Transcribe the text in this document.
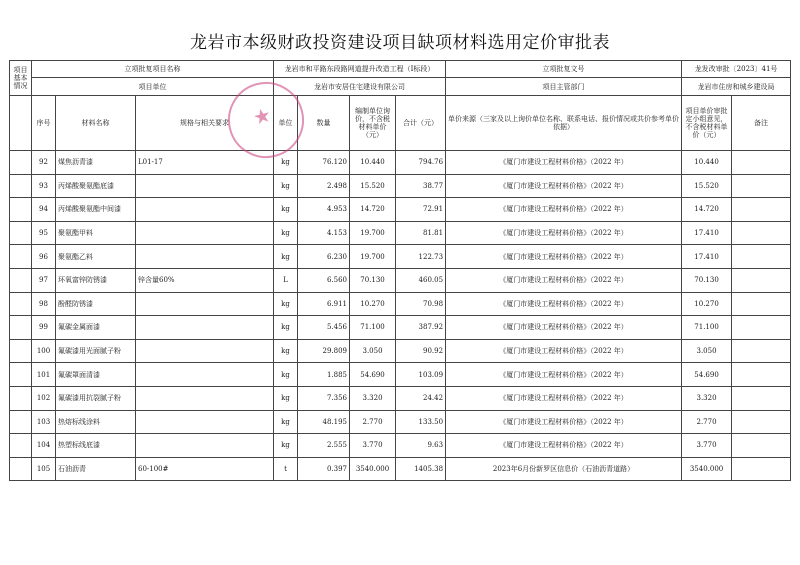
龙岩市本级财政投资建设项目缺项材料选用定价审批表
项目基本情况	立项批复项目名称			龙岩市和平路东段路网道提升改造工程（Ⅰ标段）				立项批复文号	龙发改审批〔2023〕41号	
	项目单位			龙岩市安居住宅建设有限公司				项目主管部门	龙岩市住房和城乡建设局	
	序号	材料名称	规格与相关要求	单位	数量	编制单位询价，不含税材料单价（元）	合计（元）	单价来源（三家及以上询价单位名称、联系电话、报价情况或共价参考单价依据）	项目单价审批定小组意见，不含税材料单价（元）	备注
	92	煤焦沥青漆	L01-17	kg	76.120	10.440	794.76	《厦门市建设工程材料价格》（2022 年）	10.440	
	93	丙烯酸聚氨酯底漆		kg	2.498	15.520	38.77	《厦门市建设工程材料价格》（2022 年）	15.520	
	94	丙烯酸聚氨酯中间漆		kg	4.953	14.720	72.91	《厦门市建设工程材料价格》（2022 年）	14.720	
	95	聚氨酯甲料		kg	4.153	19.700	81.81	《厦门市建设工程材料价格》（2022 年）	17.410	
	96	聚氨酯乙料		kg	6.230	19.700	122.73	《厦门市建设工程材料价格》（2022 年）	17.410	
	97	环氧富锌防锈漆	锌含量60%	L	6.560	70.130	460.05	《厦门市建设工程材料价格》（2022 年）	70.130	
	98	酚醛防锈漆		kg	6.911	10.270	70.98	《厦门市建设工程材料价格》（2022 年）	10.270	
	99	氟碳金属面漆		kg	5.456	71.100	387.92	《厦门市建设工程材料价格》（2022 年）	71.100	
	100	氟碳漆用光面腻子粉		kg	29.809	3.050	90.92	《厦门市建设工程材料价格》（2022 年）	3.050	
	101	氟碳罩面清漆		kg	1.885	54.690	103.09	《厦门市建设工程材料价格》（2022 年）	54.690	
	102	氟碳漆用抗裂腻子粉		kg	7.356	3.320	24.42	《厦门市建设工程材料价格》（2022 年）	3.320	
	103	热熔标线涂料		kg	48.195	2.770	133.50	《厦门市建设工程材料价格》（2022 年）	2.770	
	104	热塑标线底漆		kg	2.555	3.770	9.63	《厦门市建设工程材料价格》（2022 年）	3.770	
	105	石油沥青	60-100#	t	0.397	3540.000	1405.38	2023年6月份新罗区信息价（石油沥青道路）	3540.000	
★
